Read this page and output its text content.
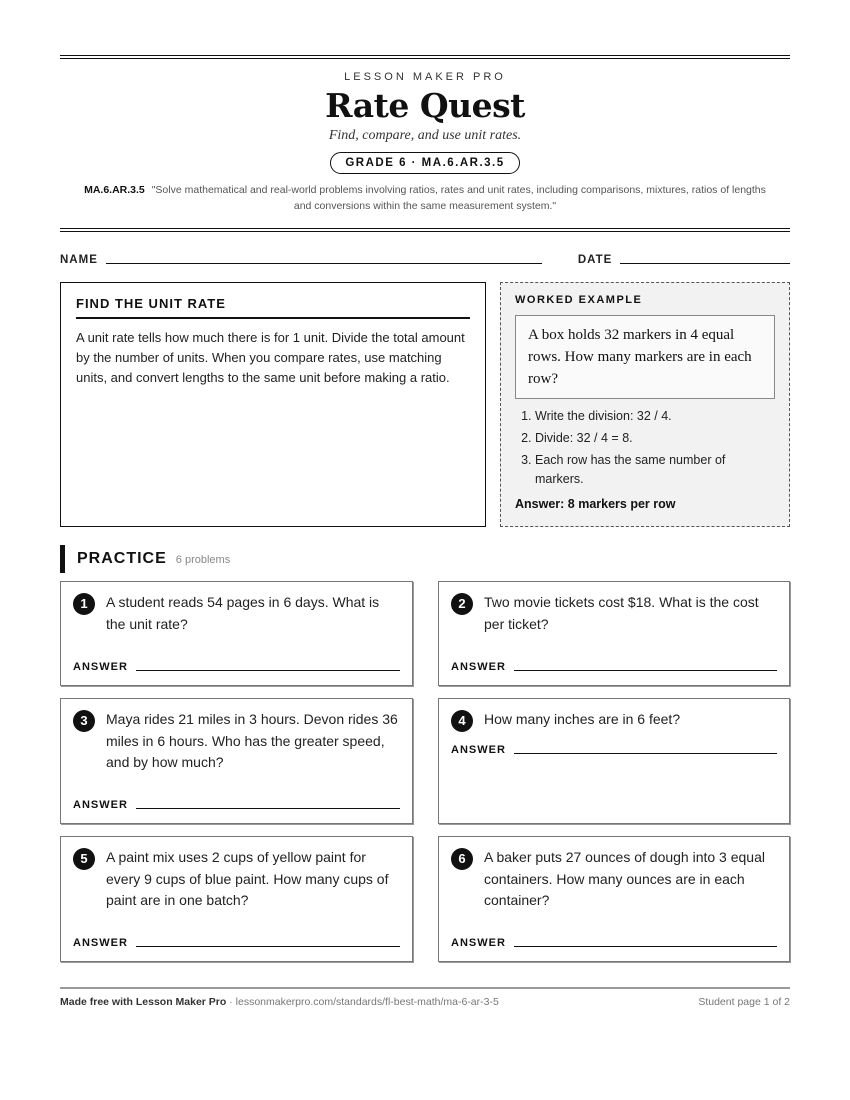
LESSON MAKER PRO
Rate Quest
Find, compare, and use unit rates.
GRADE 6 · MA.6.AR.3.5
MA.6.AR.3.5 "Solve mathematical and real-world problems involving ratios, rates and unit rates, including comparisons, mixtures, ratios of lengths and conversions within the same measurement system."
NAME	DATE
FIND THE UNIT RATE

A unit rate tells how much there is for 1 unit. Divide the total amount by the number of units. When you compare rates, use matching units, and convert lengths to the same unit before making a ratio.

WORKED EXAMPLE
A box holds 32 markers in 4 equal rows. How many markers are in each row?
1. Write the division: 32 / 4.
2. Divide: 32 / 4 = 8.
3. Each row has the same number of markers.
Answer: 8 markers per row
PRACTICE 6 problems
1	A student reads 54 pages in 6 days. What is the unit rate?
ANSWER
2	Two movie tickets cost $18. What is the cost per ticket?
ANSWER
3	Maya rides 21 miles in 3 hours. Devon rides 36 miles in 6 hours. Who has the greater speed, and by how much?
ANSWER
4	How many inches are in 6 feet?
ANSWER
5	A paint mix uses 2 cups of yellow paint for every 9 cups of blue paint. How many cups of paint are in one batch?
ANSWER
6	A baker puts 27 ounces of dough into 3 equal containers. How many ounces are in each container?
ANSWER
Made free with Lesson Maker Pro · lessonmakerpro.com/standards/fl-best-math/ma-6-ar-3-5	Student page 1 of 2
